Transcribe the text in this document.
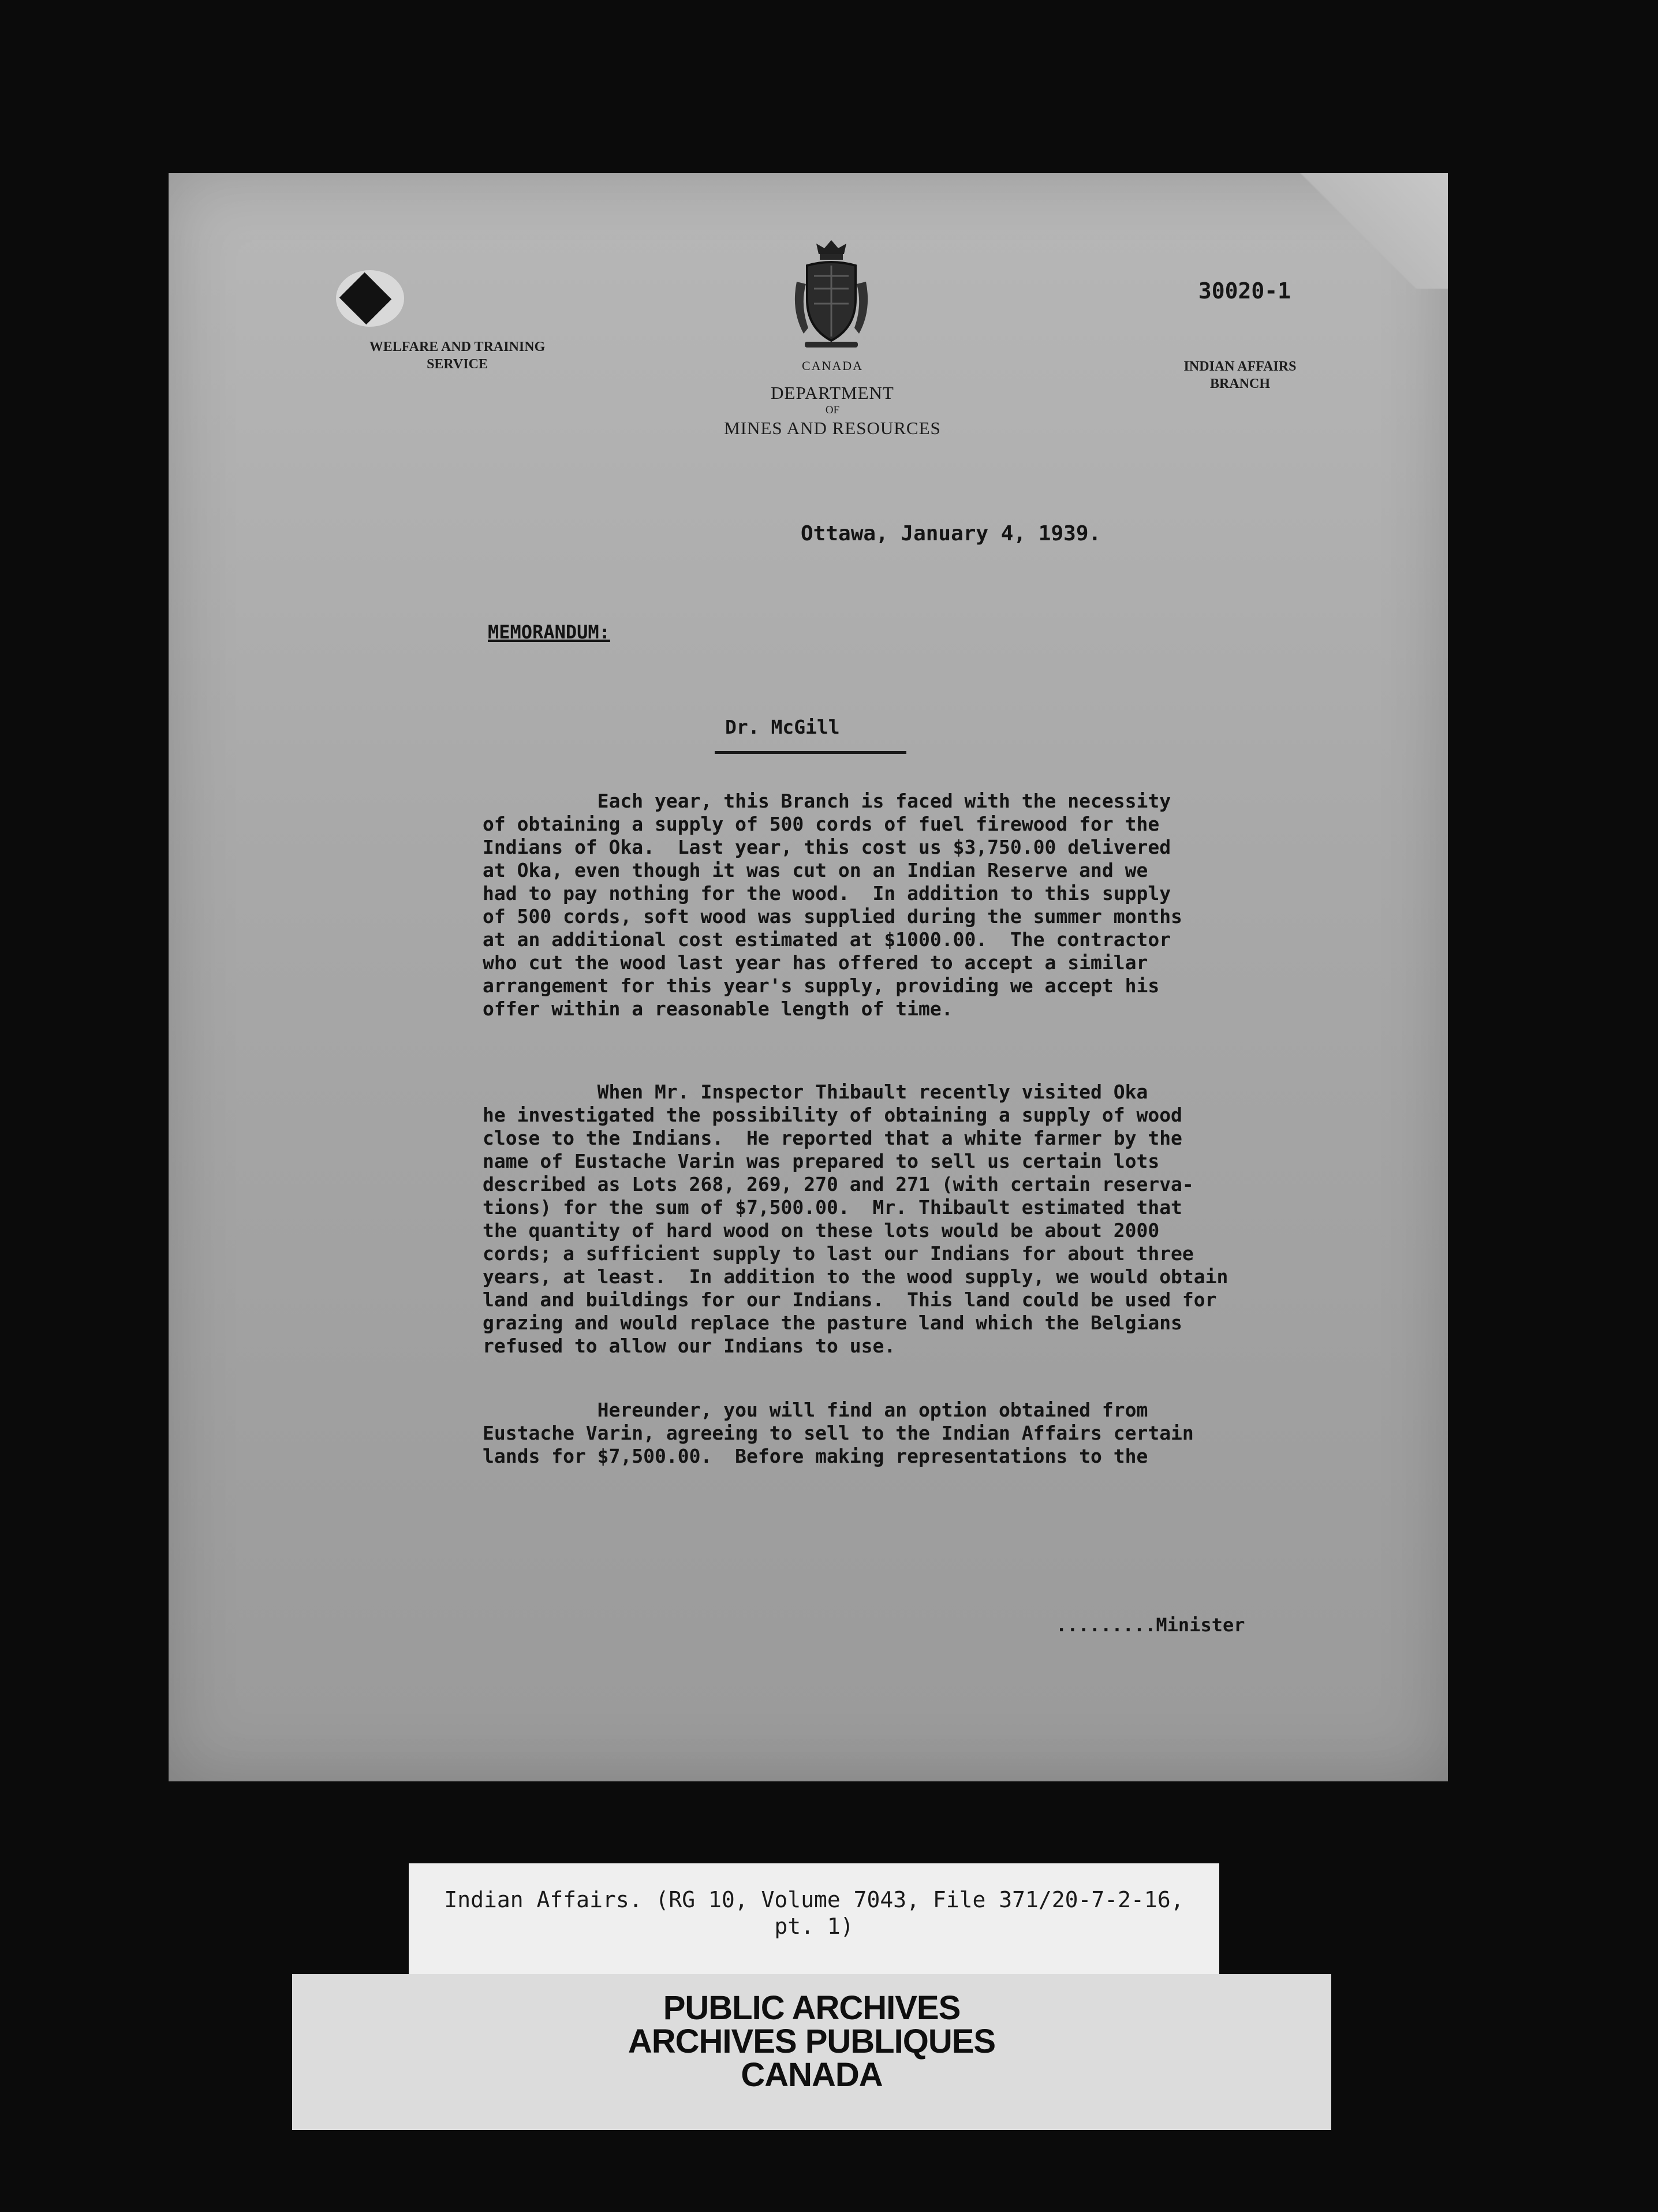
WELFARE AND TRAINING
SERVICE	CANADA
DEPARTMENT
OF
MINES AND RESOURCES
30020-1
INDIAN AFFAIRS
BRANCH
Ottawa, January 4, 1939.
MEMORANDUM:
Dr. McGill
Each year, this Branch is faced with the necessity
of obtaining a supply of 500 cords of fuel firewood for the
Indians of Oka.  Last year, this cost us $3,750.00 delivered
at Oka, even though it was cut on an Indian Reserve and we
had to pay nothing for the wood.  In addition to this supply
of 500 cords, soft wood was supplied during the summer months
at an additional cost estimated at $1000.00.  The contractor
who cut the wood last year has offered to accept a similar
arrangement for this year's supply, providing we accept his
offer within a reasonable length of time.
When Mr. Inspector Thibault recently visited Oka
he investigated the possibility of obtaining a supply of wood
close to the Indians.  He reported that a white farmer by the
name of Eustache Varin was prepared to sell us certain lots
described as Lots 268, 269, 270 and 271 (with certain reserva-
tions) for the sum of $7,500.00.  Mr. Thibault estimated that
the quantity of hard wood on these lots would be about 2000
cords; a sufficient supply to last our Indians for about three
years, at least.  In addition to the wood supply, we would obtain
land and buildings for our Indians.  This land could be used for
grazing and would replace the pasture land which the Belgians
refused to allow our Indians to use.
Hereunder, you will find an option obtained from
Eustache Varin, agreeing to sell to the Indian Affairs certain
lands for $7,500.00.  Before making representations to the
.........Minister
Indian Affairs. (RG 10, Volume 7043, File 371/20-7-2-16,
pt. 1)
PUBLIC ARCHIVES
ARCHIVES PUBLIQUES
CANADA
